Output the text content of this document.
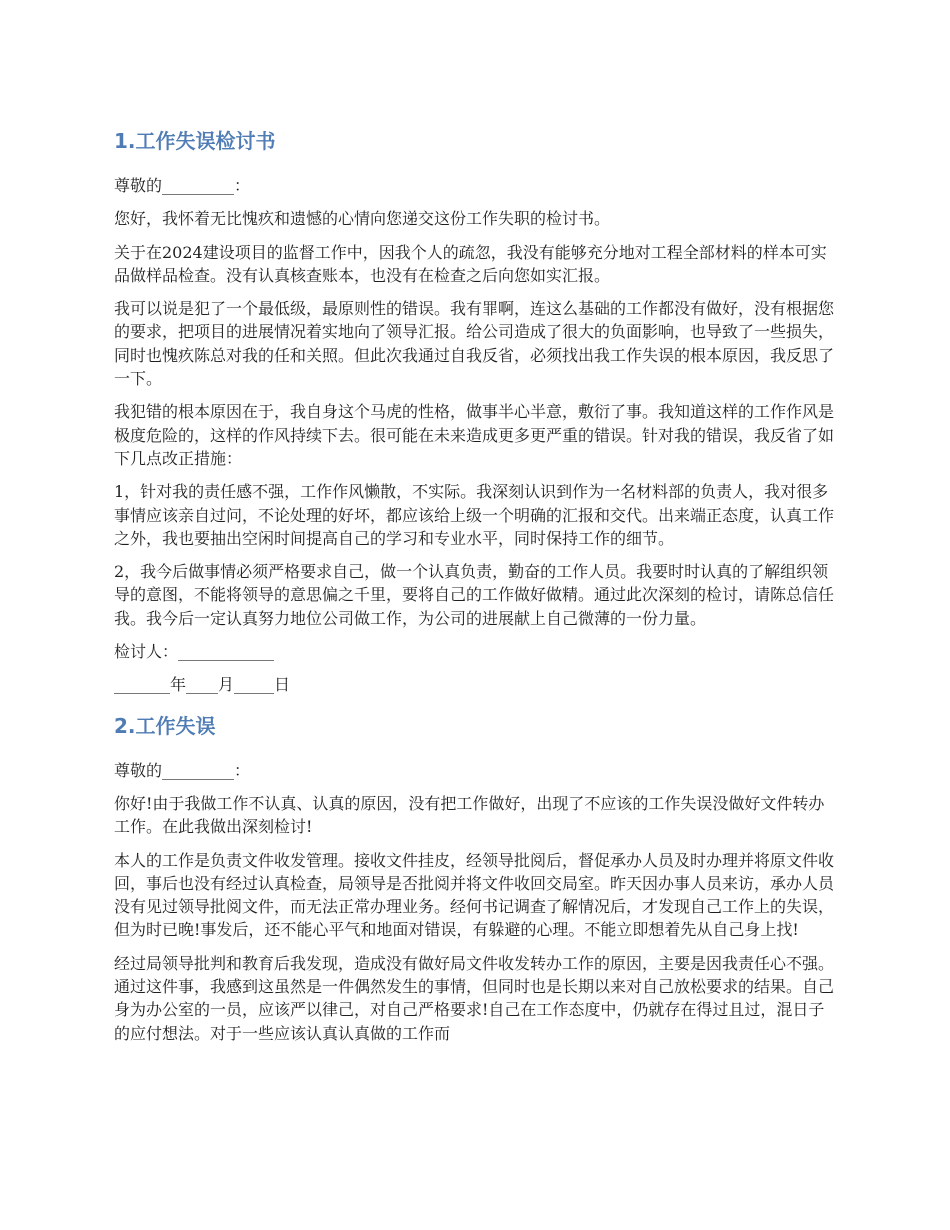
1.工作失误检讨书

尊敬的_________：

您好，我怀着无比愧疚和遗憾的心情向您递交这份工作失职的检讨书。

关于在2024建设项目的监督工作中，因我个人的疏忽，我没有能够充分地对工程全部材料的样本可实品做样品检查。没有认真核查账本，也没有在检查之后向您如实汇报。

我可以说是犯了一个最低级，最原则性的错误。我有罪啊，连这么基础的工作都没有做好，没有根据您的要求，把项目的进展情况着实地向了领导汇报。给公司造成了很大的负面影响，也导致了一些损失，同时也愧疚陈总对我的任和关照。但此次我通过自我反省，必须找出我工作失误的根本原因，我反思了一下。

我犯错的根本原因在于，我自身这个马虎的性格，做事半心半意，敷衍了事。我知道这样的工作作风是极度危险的，这样的作风持续下去。很可能在未来造成更多更严重的错误。针对我的错误，我反省了如下几点改正措施：

1，针对我的责任感不强，工作作风懒散，不实际。我深刻认识到作为一名材料部的负责人，我对很多事情应该亲自过问，不论处理的好坏，都应该给上级一个明确的汇报和交代。出来端正态度，认真工作之外，我也要抽出空闲时间提高自己的学习和专业水平，同时保持工作的细节。

2，我今后做事情必须严格要求自己，做一个认真负责，勤奋的工作人员。我要时时认真的了解组织领导的意图，不能将领导的意思偏之千里，要将自己的工作做好做精。通过此次深刻的检讨，请陈总信任我。我今后一定认真努力地位公司做工作，为公司的进展献上自己微薄的一份力量。

检讨人：____________

_______年____月_____日

2.工作失误

尊敬的_________：

你好!由于我做工作不认真、认真的原因，没有把工作做好，出现了不应该的工作失误没做好文件转办工作。在此我做出深刻检讨!

本人的工作是负责文件收发管理。接收文件挂皮，经领导批阅后，督促承办人员及时办理并将原文件收回，事后也没有经过认真检查，局领导是否批阅并将文件收回交局室。昨天因办事人员来访，承办人员没有见过领导批阅文件，而无法正常办理业务。经何书记调查了解情况后，才发现自己工作上的失误，但为时已晚!事发后，还不能心平气和地面对错误，有躲避的心理。不能立即想着先从自己身上找!

经过局领导批判和教育后我发现，造成没有做好局文件收发转办工作的原因，主要是因我责任心不强。通过这件事，我感到这虽然是一件偶然发生的事情，但同时也是长期以来对自己放松要求的结果。自己身为办公室的一员，应该严以律己，对自己严格要求!自己在工作态度中，仍就存在得过且过，混日子的应付想法。对于一些应该认真认真做的工作而
